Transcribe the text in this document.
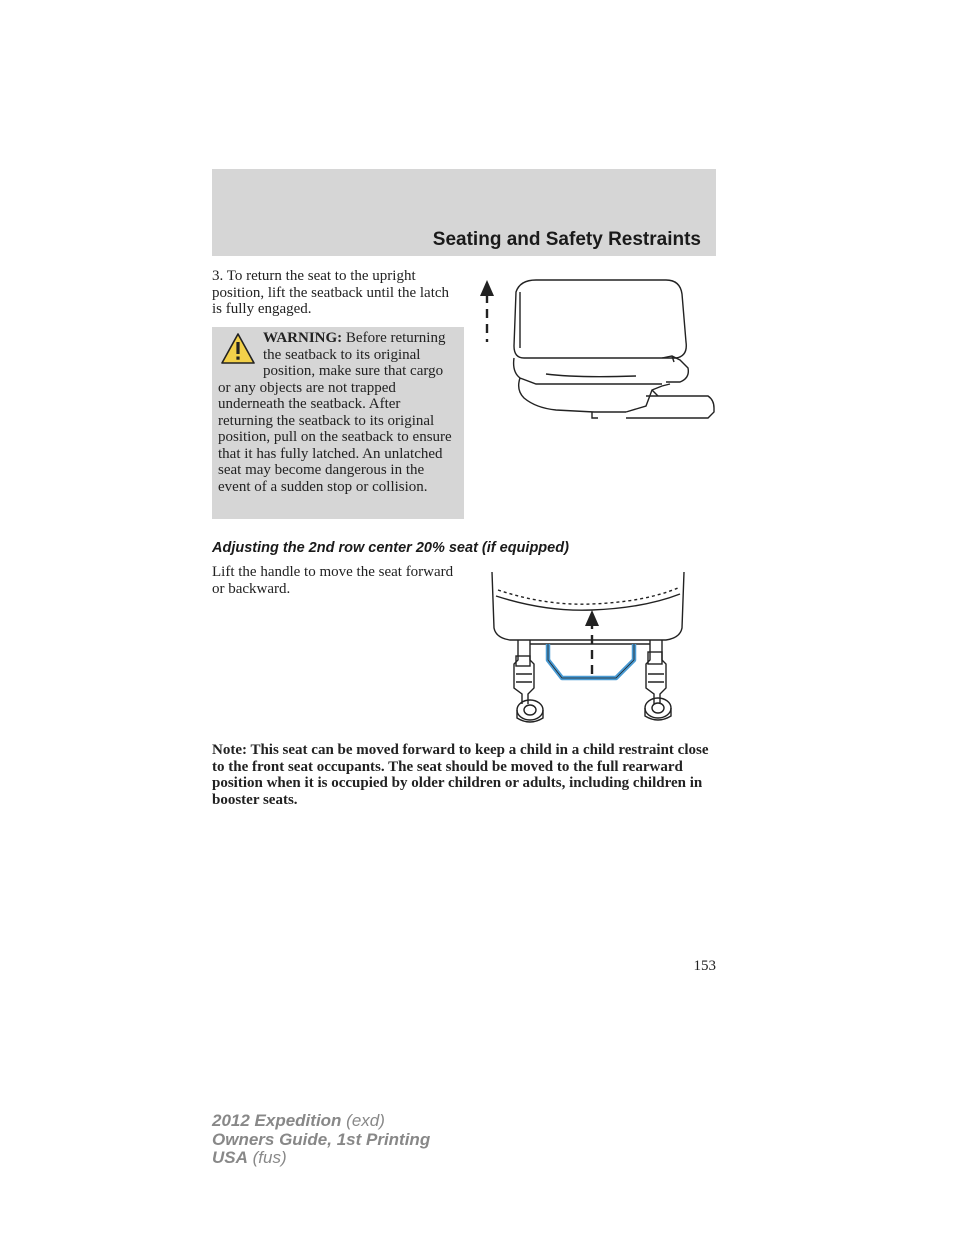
Seating and Safety Restraints
3. To return the seat to the upright position, lift the seatback until the latch is fully engaged.
WARNING: Before returning the seatback to its original position, make sure that cargo or any objects are not trapped underneath the seatback. After returning the seatback to its original position, pull on the seatback to ensure that it has fully latched. An unlatched seat may become dangerous in the event of a sudden stop or collision.
Adjusting the 2nd row center 20% seat (if equipped)
Lift the handle to move the seat forward or backward.
Note: This seat can be moved forward to keep a child in a child restraint close to the front seat occupants. The seat should be moved to the full rearward position when it is occupied by older children or adults, including children in booster seats.
153
2012 Expedition (exd)
Owners Guide, 1st Printing
USA (fus)
